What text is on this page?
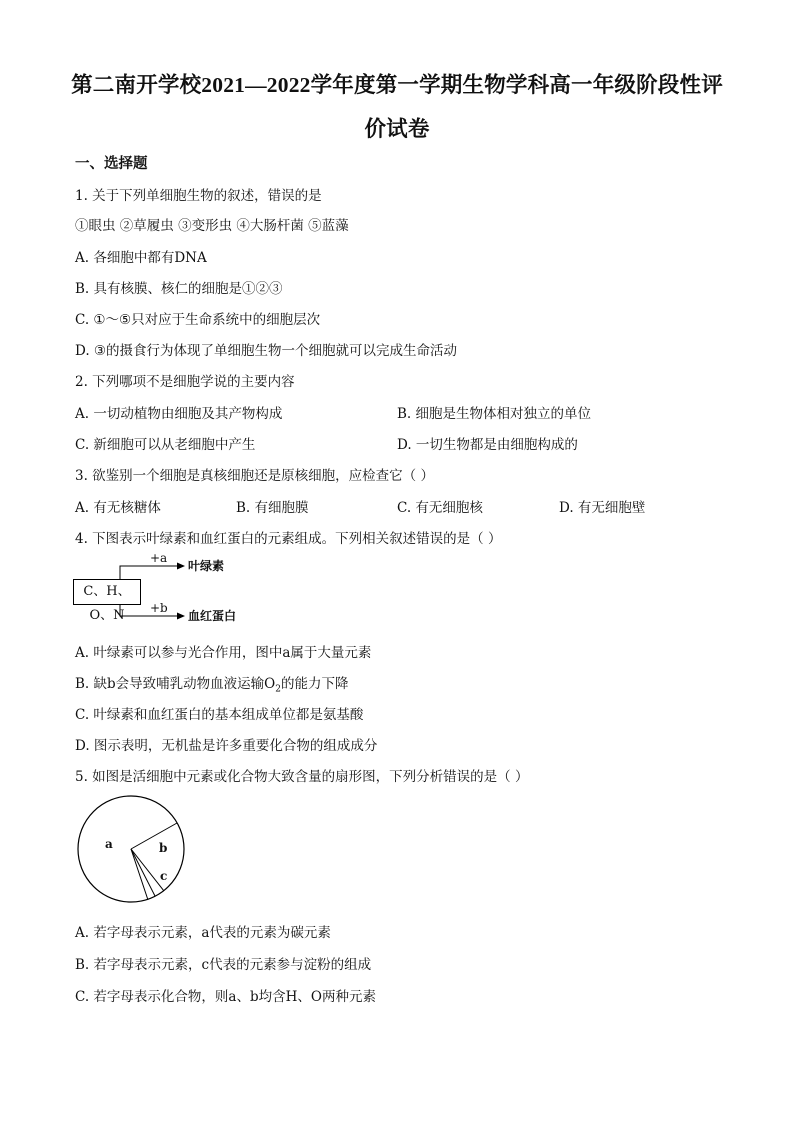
第二南开学校2021—2022学年度第一学期生物学科高一年级阶段性评
价试卷
一、选择题
1. 关于下列单细胞生物的叙述，错误的是
①眼虫 ②草履虫 ③变形虫 ④大肠杆菌 ⑤蓝藻
A. 各细胞中都有DNA
B. 具有核膜、核仁的细胞是①②③
C. ①～⑤只对应于生命系统中的细胞层次
D. ③的摄食行为体现了单细胞生物一个细胞就可以完成生命活动
2. 下列哪项不是细胞学说的主要内容
A. 一切动植物由细胞及其产物构成	B. 细胞是生物体相对独立的单位
C. 新细胞可以从老细胞中产生	D. 一切生物都是由细胞构成的
3. 欲鉴别一个细胞是真核细胞还是原核细胞，应检查它（ ）
A. 有无核糖体	B. 有细胞膜	C. 有无细胞核	D. 有无细胞壁
4. 下图表示叶绿素和血红蛋白的元素组成。下列相关叙述错误的是（ ）
C、H、O、N
+a
叶绿素
+b
血红蛋白
A. 叶绿素可以参与光合作用，图中a属于大量元素
B. 缺b会导致哺乳动物血液运输$O_2$的能力下降
C. 叶绿素和血红蛋白的基本组成单位都是氨基酸
D. 图示表明，无机盐是许多重要化合物的组成成分
5. 如图是活细胞中元素或化合物大致含量的扇形图，下列分析错误的是（ ）
a	b
c
A. 若字母表示元素，a代表的元素为碳元素
B. 若字母表示元素，c代表的元素参与淀粉的组成
C. 若字母表示化合物，则a、b均含H、O两种元素
